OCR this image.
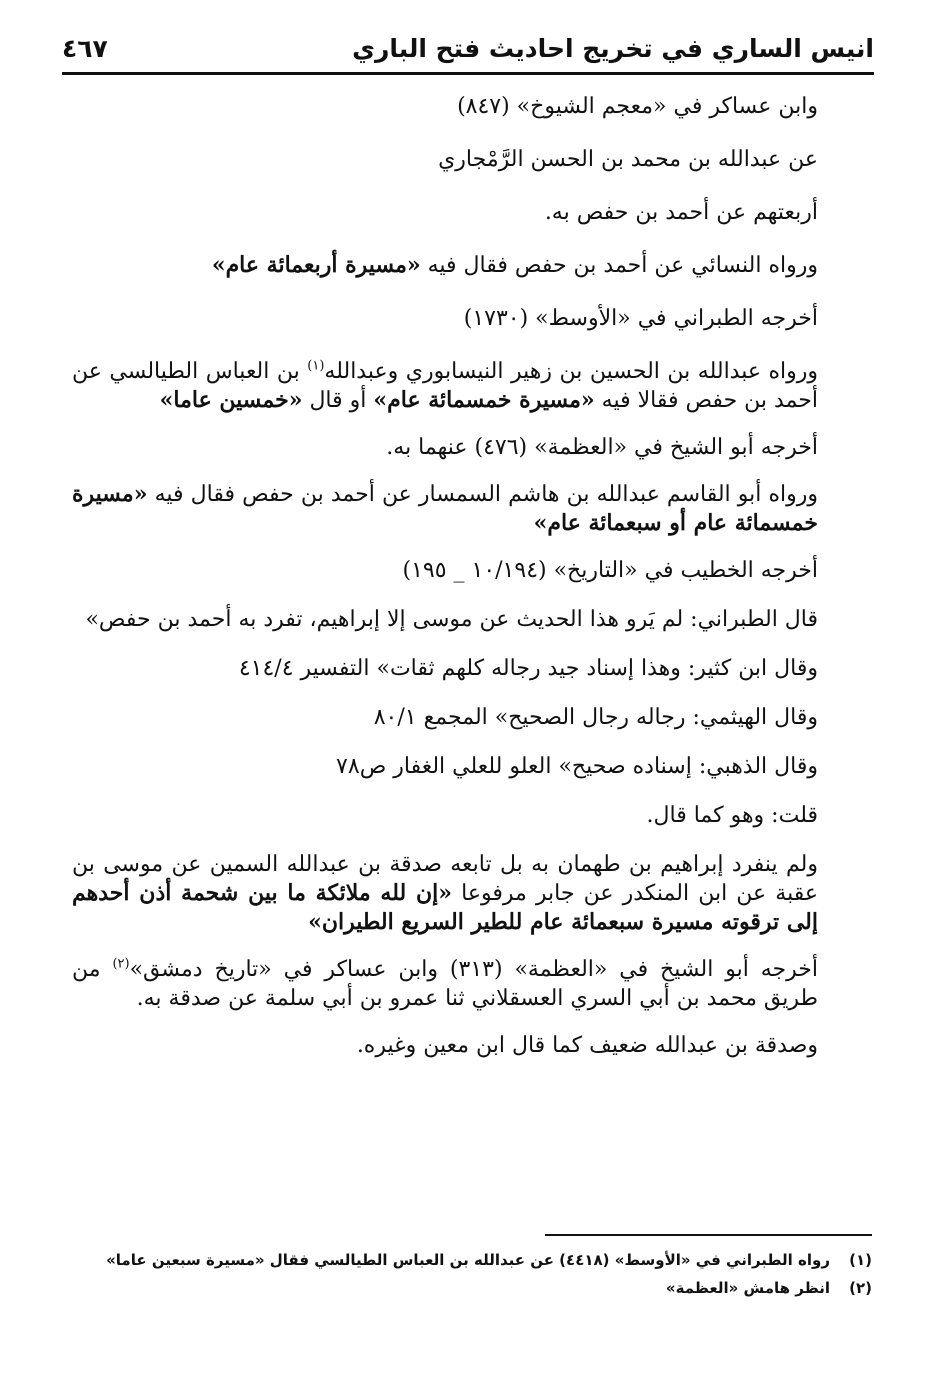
انيس الساري في تخريج احاديث فتح الباري
٤٦٧

وابن عساكر في «معجم الشيوخ» (٨٤٧)

عن عبدالله بن محمد بن الحسن الرَّمْجاري

أربعتهم عن أحمد بن حفص به.

ورواه النسائي عن أحمد بن حفص فقال فيه «مسيرة أربعمائة عام»

أخرجه الطبراني في «الأوسط» (١٧٣٠)

ورواه عبدالله بن الحسين بن زهير النيسابوري وعبدالله$^{(١)}$ بن العباس الطيالسي عن أحمد بن حفص فقالا فيه «مسيرة خمسمائة عام» أو قال «خمسين عاما»

أخرجه أبو الشيخ في «العظمة» (٤٧٦) عنهما به.

ورواه أبو القاسم عبدالله بن هاشم السمسار عن أحمد بن حفص فقال فيه «مسيرة خمسمائة عام أو سبعمائة عام»

أخرجه الخطيب في «التاريخ» (١٠/١٩٤ _ ١٩٥)

قال الطبراني: لم يَرو هذا الحديث عن موسى إلا إبراهيم، تفرد به أحمد بن حفص»

وقال ابن كثير: وهذا إسناد جيد رجاله كلهم ثقات» التفسير ٤١٤/٤

وقال الهيثمي: رجاله رجال الصحيح» المجمع ٨٠/١

وقال الذهبي: إسناده صحيح» العلو للعلي الغفار ص٧٨

قلت: وهو كما قال.

ولم ينفرد إبراهيم بن طهمان به بل تابعه صدقة بن عبدالله السمين عن موسى بن عقبة عن ابن المنكدر عن جابر مرفوعا «إن لله ملائكة ما بين شحمة أذن أحدهم إلى ترقوته مسيرة سبعمائة عام للطير السريع الطيران»

أخرجه أبو الشيخ في «العظمة» (٣١٣) وابن عساكر في «تاريخ دمشق»$^{(٢)}$ من طريق محمد بن أبي السري العسقلاني ثنا عمرو بن أبي سلمة عن صدقة به.

وصدقة بن عبدالله ضعيف كما قال ابن معين وغيره.

(١)رواه الطبراني في «الأوسط» (٤٤١٨) عن عبدالله بن العباس الطيالسي فقال «مسيرة سبعين عاما»

(٢)انظر هامش «العظمة»
